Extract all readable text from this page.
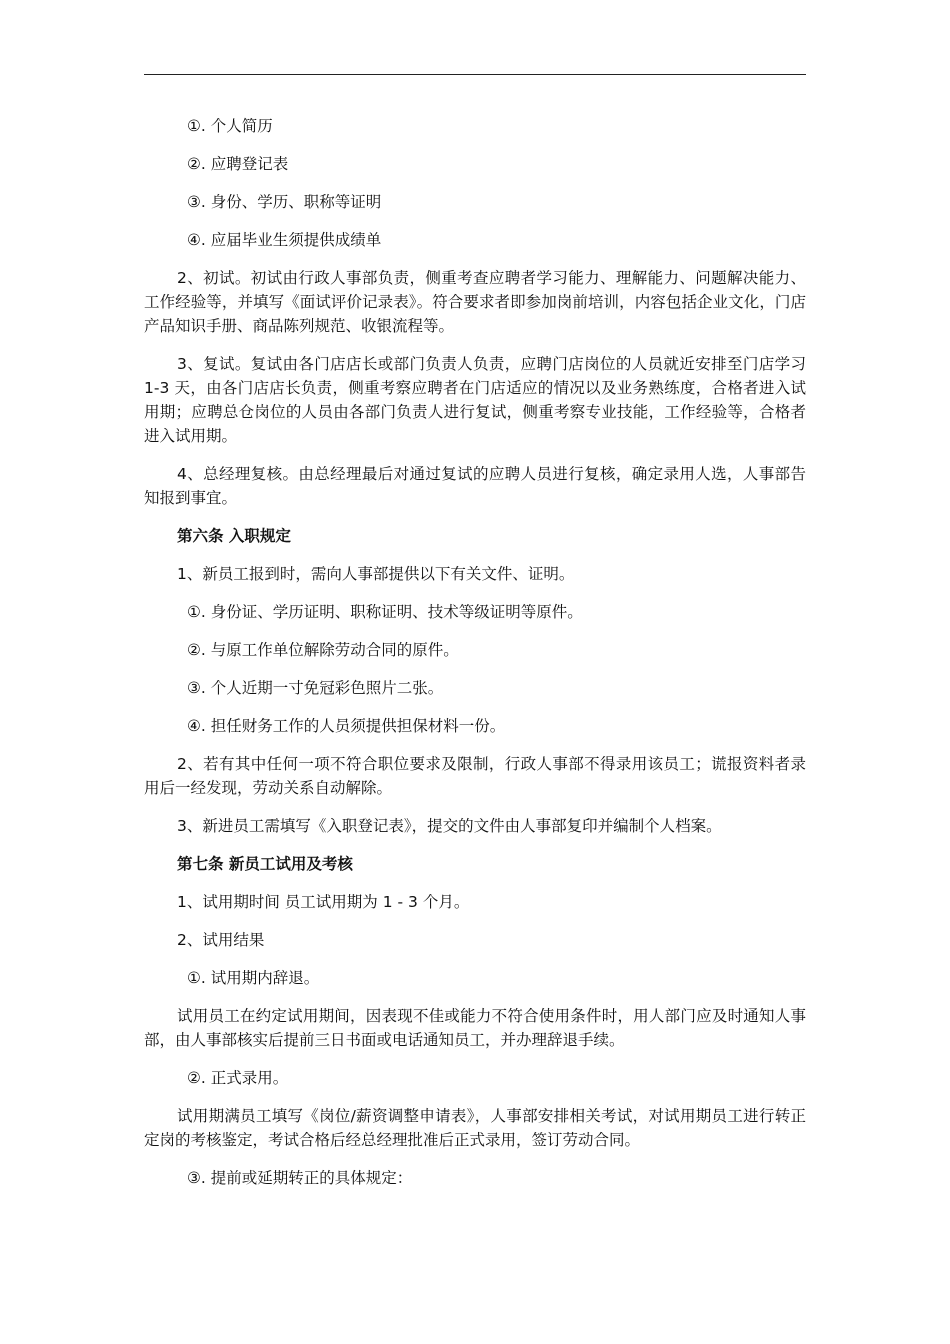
①. 个人简历

②. 应聘登记表

③. 身份、学历、职称等证明

④. 应届毕业生须提供成绩单

2、初试。初试由行政人事部负责，侧重考查应聘者学习能力、理解能力、问题解决能力、工作经验等，并填写《面试评价记录表》。符合要求者即参加岗前培训，内容包括企业文化，门店产品知识手册、商品陈列规范、收银流程等。

3、复试。复试由各门店店长或部门负责人负责，应聘门店岗位的人员就近安排至门店学习 1-3 天，由各门店店长负责，侧重考察应聘者在门店适应的情况以及业务熟练度，合格者进入试用期；应聘总仓岗位的人员由各部门负责人进行复试，侧重考察专业技能，工作经验等，合格者进入试用期。

4、总经理复核。由总经理最后对通过复试的应聘人员进行复核，确定录用人选，人事部告知报到事宜。

第六条 入职规定

1、新员工报到时，需向人事部提供以下有关文件、证明。

①. 身份证、学历证明、职称证明、技术等级证明等原件。

②. 与原工作单位解除劳动合同的原件。

③. 个人近期一寸免冠彩色照片二张。

④. 担任财务工作的人员须提供担保材料一份。

2、若有其中任何一项不符合职位要求及限制，行政人事部不得录用该员工；谎报资料者录用后一经发现，劳动关系自动解除。

3、新进员工需填写《入职登记表》，提交的文件由人事部复印并编制个人档案。

第七条 新员工试用及考核

1、试用期时间 员工试用期为 1 - 3 个月。

2、试用结果

①. 试用期内辞退。

试用员工在约定试用期间，因表现不佳或能力不符合使用条件时，用人部门应及时通知人事部，由人事部核实后提前三日书面或电话通知员工，并办理辞退手续。

②. 正式录用。

试用期满员工填写《岗位/薪资调整申请表》，人事部安排相关考试，对试用期员工进行转正定岗的考核鉴定，考试合格后经总经理批准后正式录用，签订劳动合同。

③. 提前或延期转正的具体规定：
